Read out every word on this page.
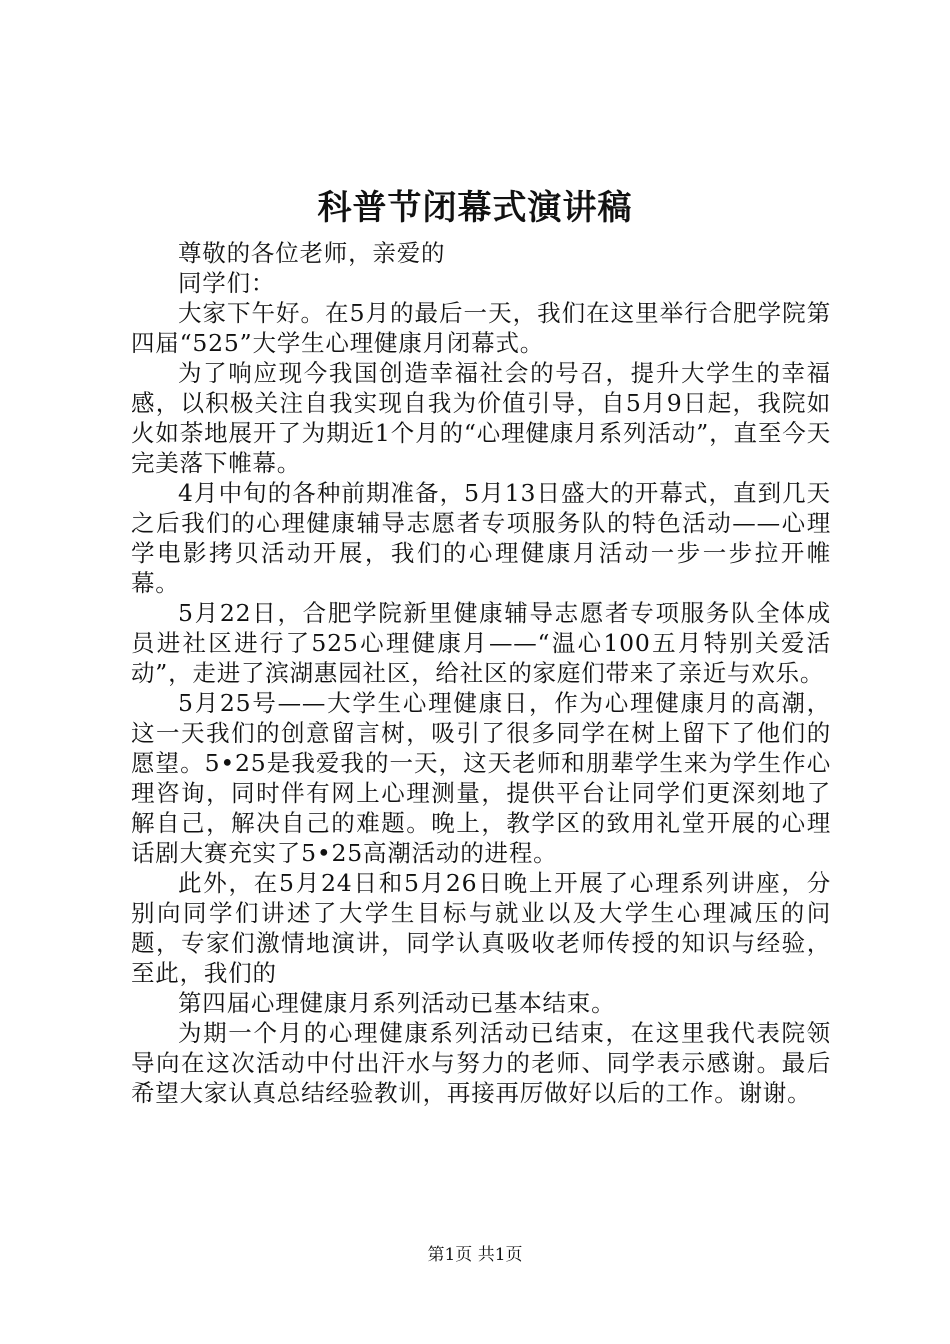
科普节闭幕式演讲稿

尊敬的各位老师，亲爱的

同学们：

大家下午好。在5月的最后一天，我们在这里举行合肥学院第四届“525”大学生心理健康月闭幕式。

为了响应现今我国创造幸福社会的号召，提升大学生的幸福感，以积极关注自我实现自我为价值引导，自5月9日起，我院如火如荼地展开了为期近1个月的“心理健康月系列活动”，直至今天完美落下帷幕。

4月中旬的各种前期准备，5月13日盛大的开幕式，直到几天之后我们的心理健康辅导志愿者专项服务队的特色活动——心理学电影拷贝活动开展，我们的心理健康月活动一步一步拉开帷幕。

5月22日，合肥学院新里健康辅导志愿者专项服务队全体成员进社区进行了525心理健康月——“温心100五月特别关爱活动”，走进了滨湖惠园社区，给社区的家庭们带来了亲近与欢乐。

5月25号——大学生心理健康日，作为心理健康月的高潮，这一天我们的创意留言树，吸引了很多同学在树上留下了他们的愿望。5•25是我爱我的一天，这天老师和朋辈学生来为学生作心理咨询，同时伴有网上心理测量，提供平台让同学们更深刻地了解自己，解决自己的难题。晚上，教学区的致用礼堂开展的心理话剧大赛充实了5•25高潮活动的进程。

此外，在5月24日和5月26日晚上开展了心理系列讲座，分别向同学们讲述了大学生目标与就业以及大学生心理减压的问题，专家们激情地演讲，同学认真吸收老师传授的知识与经验，至此，我们的

第四届心理健康月系列活动已基本结束。

为期一个月的心理健康系列活动已结束，在这里我代表院领导向在这次活动中付出汗水与努力的老师、同学表示感谢。最后希望大家认真总结经验教训，再接再厉做好以后的工作。谢谢。

第1页 共1页
